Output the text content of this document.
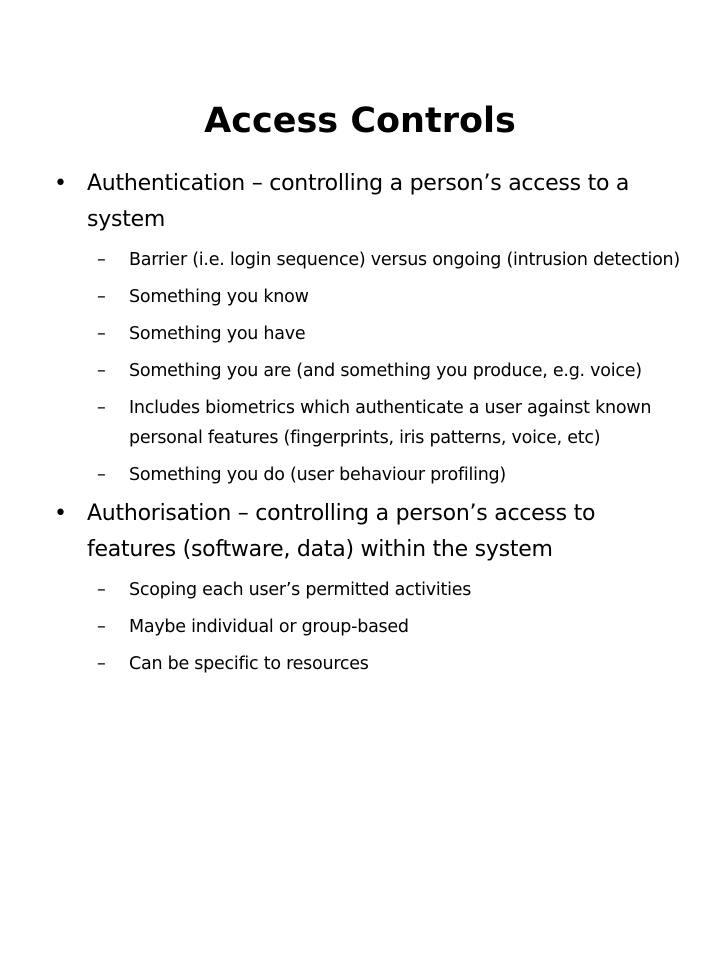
Access Controls
• Authentication – controlling a person’s access to a system
– Barrier (i.e. login sequence) versus ongoing (intrusion detection)
– Something you know
– Something you have
– Something you are (and something you produce, e.g. voice)
– Includes biometrics which authenticate a user against known personal features (fingerprints, iris patterns, voice, etc)
– Something you do (user behaviour profiling)
• Authorisation – controlling a person’s access to features (software, data) within the system
– Scoping each user’s permitted activities
– Maybe individual or group-based
– Can be specific to resources
